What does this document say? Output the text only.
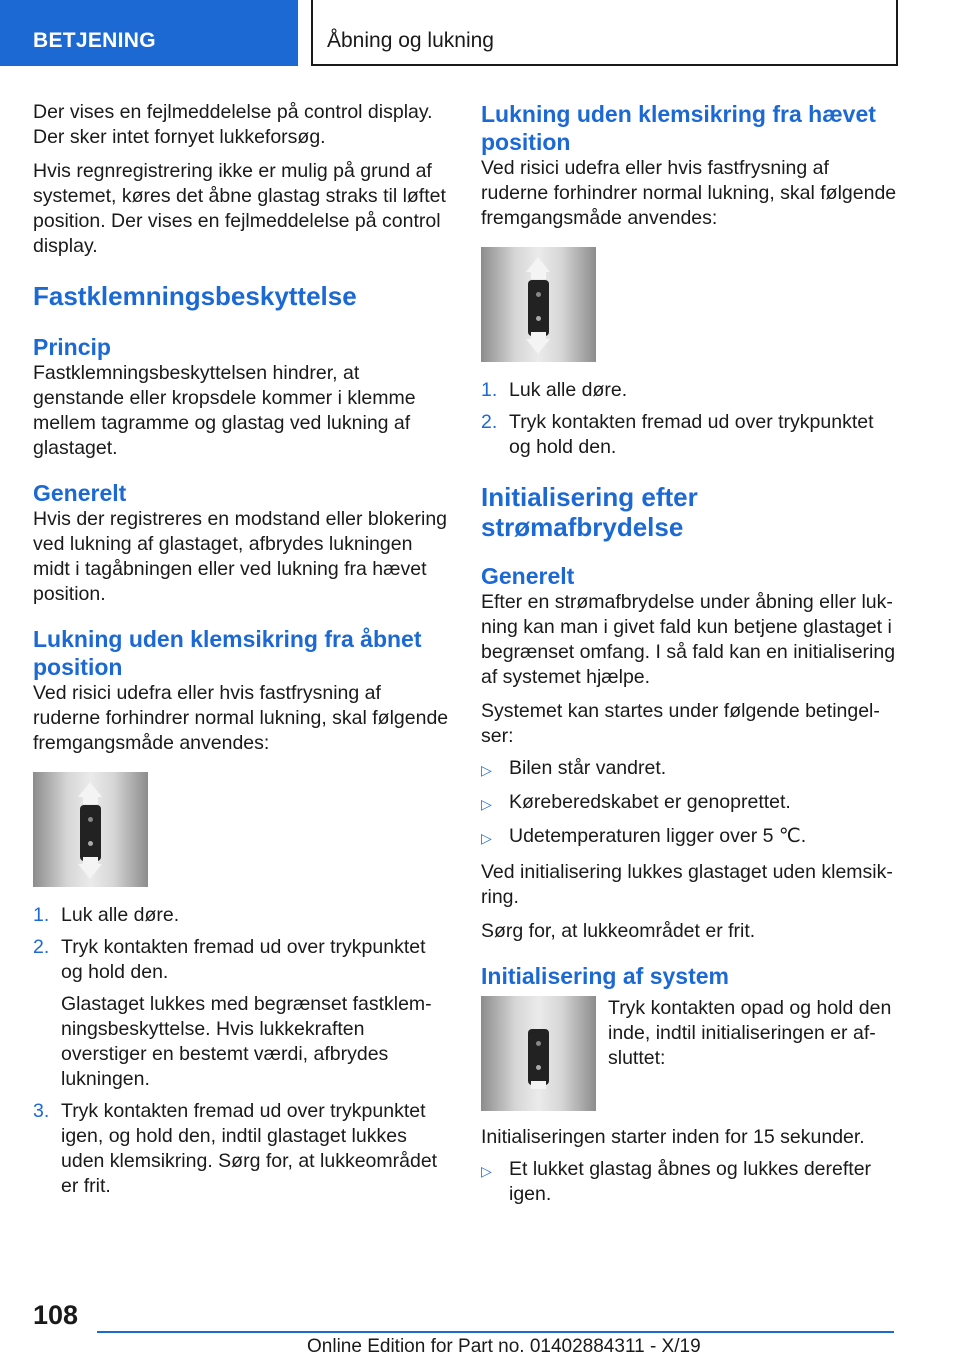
BETJENING	Åbning og lukning

Der vises en fejlmeddelelse på control display. Der sker intet fornyet lukkeforsøg.

Hvis regnregistrering ikke er mulig på grund af systemet, køres det åbne glastag straks til løftet position. Der vises en fejlmeddelelse på control display.

Fastklemningsbeskyttelse
Princip

Fastklemningsbeskyttelsen hindrer, at genstande eller kropsdele kommer i klemme mellem tagramme og glastag ved lukning af glastaget.

Generelt

Hvis der registreres en modstand eller blokering ved lukning af glastaget, afbrydes lukningen midt i tagåbningen eller ved lukning fra hævet position.

Lukning uden klemsikring fra åbnet position

Ved risici udefra eller hvis fastfrysning af ruderne forhindrer normal lukning, skal følgende fremgangsmåde anvendes:

1. Luk alle døre.
2. Tryk kontakten fremad ud over trykpunktet og hold den.
Glastaget lukkes med begrænset fastklemningsbeskyttelse. Hvis lukkekraften overstiger en bestemt værdi, afbrydes lukningen.
3. Tryk kontakten fremad ud over trykpunktet igen, og hold den, indtil glastaget lukkes uden klemsikring. Sørg for, at lukkeområdet er frit.
Lukning uden klemsikring fra hævet position

Ved risici udefra eller hvis fastfrysning af ruderne forhindrer normal lukning, skal følgende fremgangsmåde anvendes:

1. Luk alle døre.
2. Tryk kontakten fremad ud over trykpunktet og hold den.
Initialisering efter strømafbrydelse
Generelt

Efter en strømafbrydelse under åbning eller lukning kan man i givet fald kun betjene glastaget i begrænset omfang. I så fald kan en initialisering af systemet hjælpe.

Systemet kan startes under følgende betingelser:

▷ Bilen står vandret.
▷ Køreberedskabet er genoprettet.
▷ Udetemperaturen ligger over 5 ℃.

Ved initialisering lukkes glastaget uden klemsikring.

Sørg for, at lukkeområdet er frit.

Initialisering af system

Tryk kontakten opad og hold den inde, indtil initialiseringen er afsluttet:

Initialiseringen starter inden for 15 sekunder.

▷ Et lukket glastag åbnes og lukkes derefter igen.
108
Online Edition for Part no. 01402884311 - X/19
